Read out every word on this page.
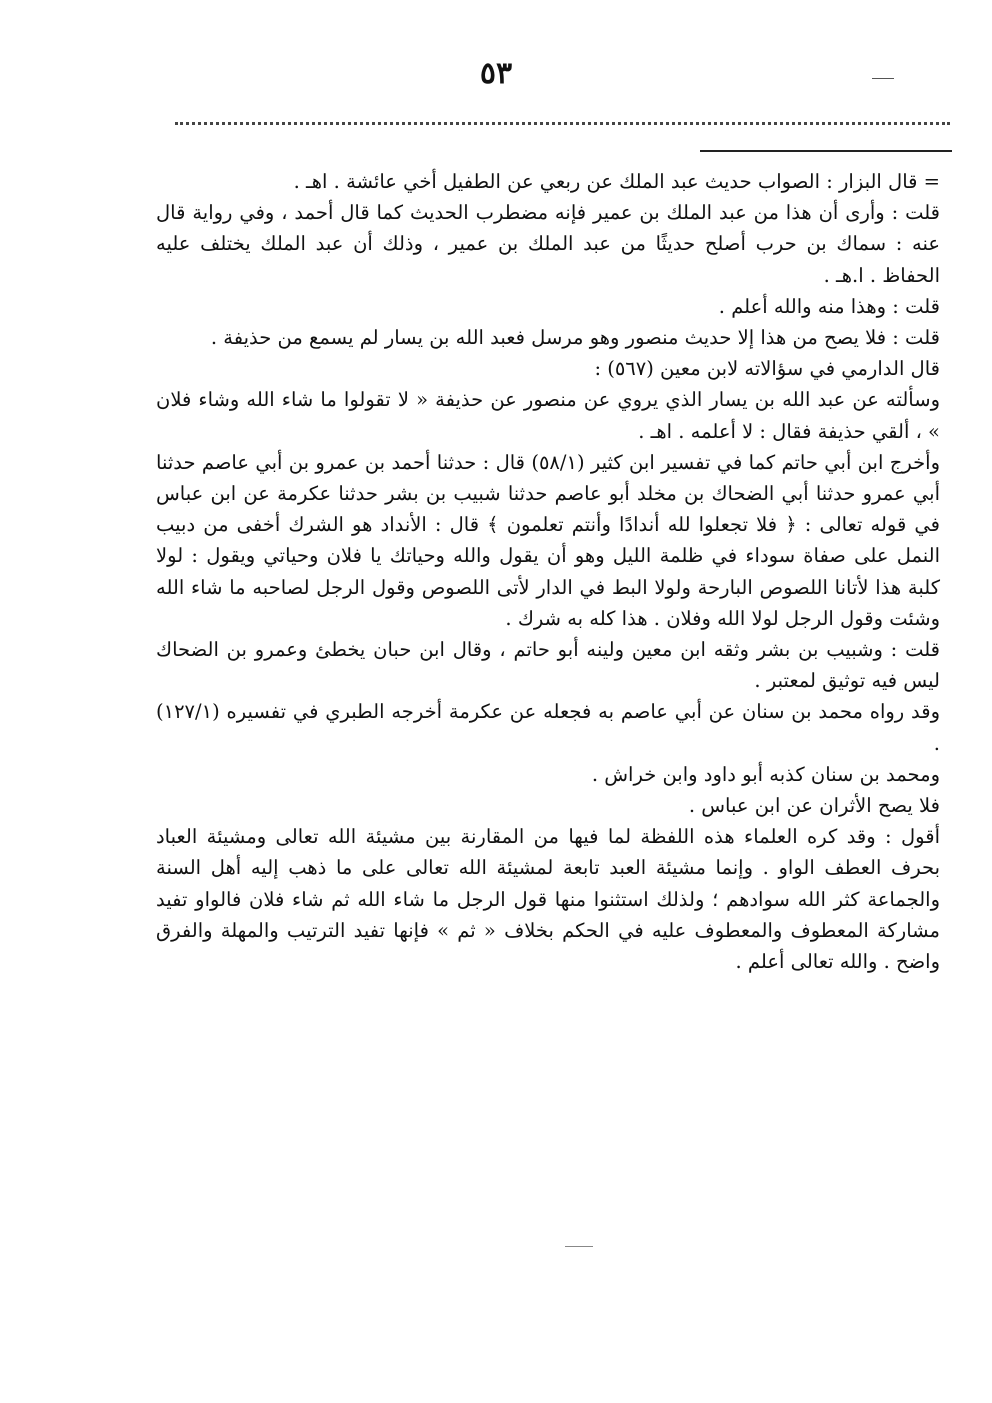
٥٣

= قال البزار : الصواب حديث عبد الملك عن ربعي عن الطفيل أخي عائشة . اهـ .

قلت : وأرى أن هذا من عبد الملك بن عمير فإنه مضطرب الحديث كما قال أحمد ، وفي رواية قال عنه : سماك بن حرب أصلح حديثًا من عبد الملك بن عمير ، وذلك أن عبد الملك يختلف عليه الحفاظ . ا.هـ .

قلت : وهذا منه والله أعلم .

قلت : فلا يصح من هذا إلا حديث منصور وهو مرسل فعبد الله بن يسار لم يسمع من حذيفة .

قال الدارمي في سؤالاته لابن معين (٥٦٧) :

وسألته عن عبد الله بن يسار الذي يروي عن منصور عن حذيفة « لا تقولوا ما شاء الله وشاء فلان » ، ألقي حذيفة فقال : لا أعلمه . اهـ .

وأخرج ابن أبي حاتم كما في تفسير ابن كثير (٥٨/١) قال : حدثنا أحمد بن عمرو بن أبي عاصم حدثنا أبي عمرو حدثنا أبي الضحاك بن مخلد أبو عاصم حدثنا شبيب بن بشر حدثنا عكرمة عن ابن عباس في قوله تعالى : ﴿ فلا تجعلوا لله أندادًا وأنتم تعلمون ﴾ قال : الأنداد هو الشرك أخفى من دبيب النمل على صفاة سوداء في ظلمة الليل وهو أن يقول والله وحياتك يا فلان وحياتي ويقول : لولا كلبة هذا لأتانا اللصوص البارحة ولولا البط في الدار لأتى اللصوص وقول الرجل لصاحبه ما شاء الله وشئت وقول الرجل لولا الله وفلان . هذا كله به شرك .

قلت : وشبيب بن بشر وثقه ابن معين ولينه أبو حاتم ، وقال ابن حبان يخطئ وعمرو بن الضحاك ليس فيه توثيق لمعتبر .

وقد رواه محمد بن سنان عن أبي عاصم به فجعله عن عكرمة أخرجه الطبري في تفسيره (١٢٧/١) .

ومحمد بن سنان كذبه أبو داود وابن خراش .

فلا يصح الأثران عن ابن عباس .

أقول : وقد كره العلماء هذه اللفظة لما فيها من المقارنة بين مشيئة الله تعالى ومشيئة العباد بحرف العطف الواو . وإنما مشيئة العبد تابعة لمشيئة الله تعالى على ما ذهب إليه أهل السنة والجماعة كثر الله سوادهم ؛ ولذلك استثنوا منها قول الرجل ما شاء الله ثم شاء فلان فالواو تفيد مشاركة المعطوف والمعطوف عليه في الحكم بخلاف « ثم » فإنها تفيد الترتيب والمهلة والفرق واضح . والله تعالى أعلم .
